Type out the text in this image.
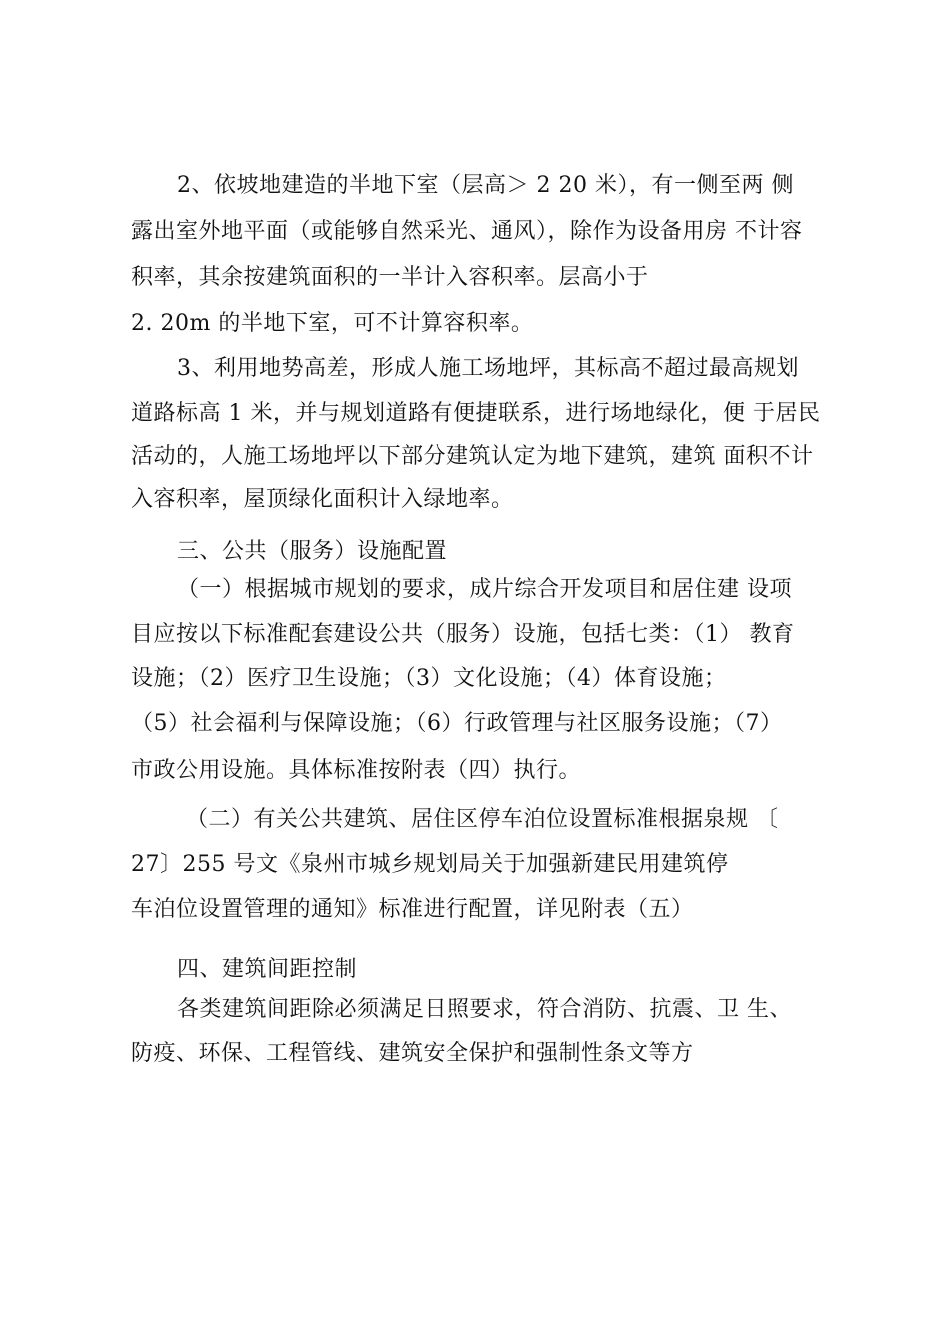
2、依坡地建造的半地下室（层高＞ 2 20 米），有一侧至两 侧
露出室外地平面（或能够自然采光、通风），除作为设备用房 不计容
积率，其余按建筑面积的一半计入容积率。层高小于
2. 20m 的半地下室，可不计算容积率。
3、利用地势高差，形成人施工场地坪，其标高不超过最高规划
道路标高 1 米，并与规划道路有便捷联系，进行场地绿化，便 于居民
活动的，人施工场地坪以下部分建筑认定为地下建筑，建筑 面积不计
入容积率，屋顶绿化面积计入绿地率。
三、公共（服务）设施配置
（一）根据城市规划的要求，成片综合开发项目和居住建 设项
目应按以下标准配套建设公共（服务）设施，包括七类：（1） 教育
设施；（2）医疗卫生设施；（3）文化设施；（4）体育设施；
（5）社会福利与保障设施；（6）行政管理与社区服务设施；（7）
市政公用设施。具体标准按附表（四）执行。
（二）有关公共建筑、居住区停车泊位设置标准根据泉规 〔
27〕255 号文《泉州市城乡规划局关于加强新建民用建筑停
车泊位设置管理的通知》标准进行配置，详见附表（五）
四、建筑间距控制
各类建筑间距除必须满足日照要求，符合消防、抗震、卫 生、
防疫、环保、工程管线、建筑安全保护和强制性条文等方
